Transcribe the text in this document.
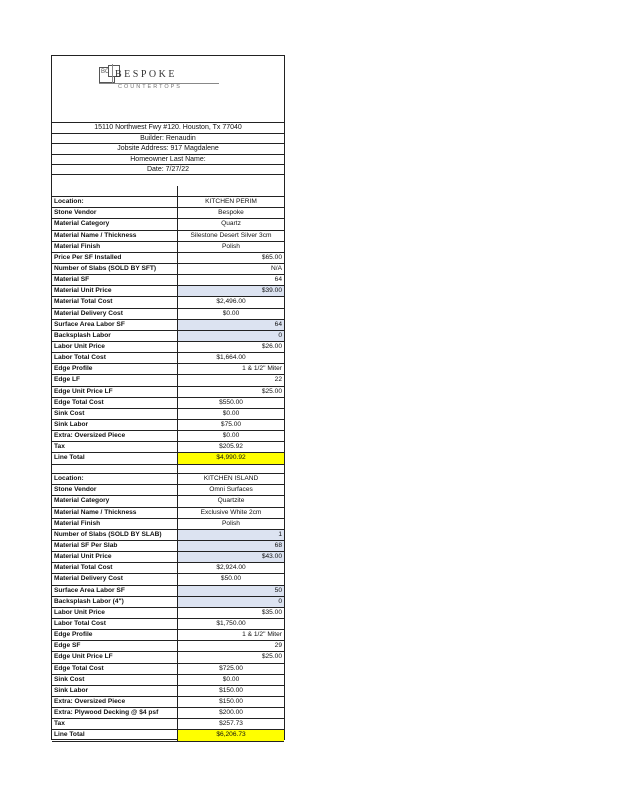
BC BESPOKE
COUNTERTOPS
15110 Northwest Fwy #120. Houston, Tx 77040
Builder: Renaudin
Jobsite Address: 917 Magdalene
Homeowner Last Name:
Date: 7/27/22
Location:	KITCHEN PERIM
Stone Vendor	Bespoke
Material Category	Quartz
Material Name / Thickness	Silestone Desert Silver 3cm
Material Finish	Polish
Price Per SF Installed	$65.00
Number of Slabs (SOLD BY SFT)	N/A
Material SF	64
Material Unit Price	$39.00
Material Total Cost	$2,496.00
Material Delivery Cost	$0.00
Surface Area Labor SF	64
Backsplash Labor	0
Labor Unit Price	$26.00
Labor Total Cost	$1,664.00
Edge Profile	1 & 1/2'' Miter
Edge LF	22
Edge Unit Price LF	$25.00
Edge Total Cost	$550.00
Sink Cost	$0.00
Sink Labor	$75.00
Extra: Oversized Piece	$0.00
Tax	$205.92
Line Total	$4,990.92
Location:	KITCHEN ISLAND
Stone Vendor	Omni Surfaces
Material Category	Quartzite
Material Name / Thickness	Exclusive White 2cm
Material Finish	Polish
Number of Slabs (SOLD BY SLAB)	1
Material SF Per Slab	68
Material Unit Price	$43.00
Material Total Cost	$2,924.00
Material Delivery Cost	$50.00
Surface Area Labor SF	50
Backsplash Labor (4")	0
Labor Unit Price	$35.00
Labor Total Cost	$1,750.00
Edge Profile	1 & 1/2'' Miter
Edge SF	29
Edge Unit Price LF	$25.00
Edge Total Cost	$725.00
Sink Cost	$0.00
Sink Labor	$150.00
Extra: Oversized Piece	$150.00
Extra: Plywood Decking @ $4 psf	$200.00
Tax	$257.73
Line Total	$6,206.73
